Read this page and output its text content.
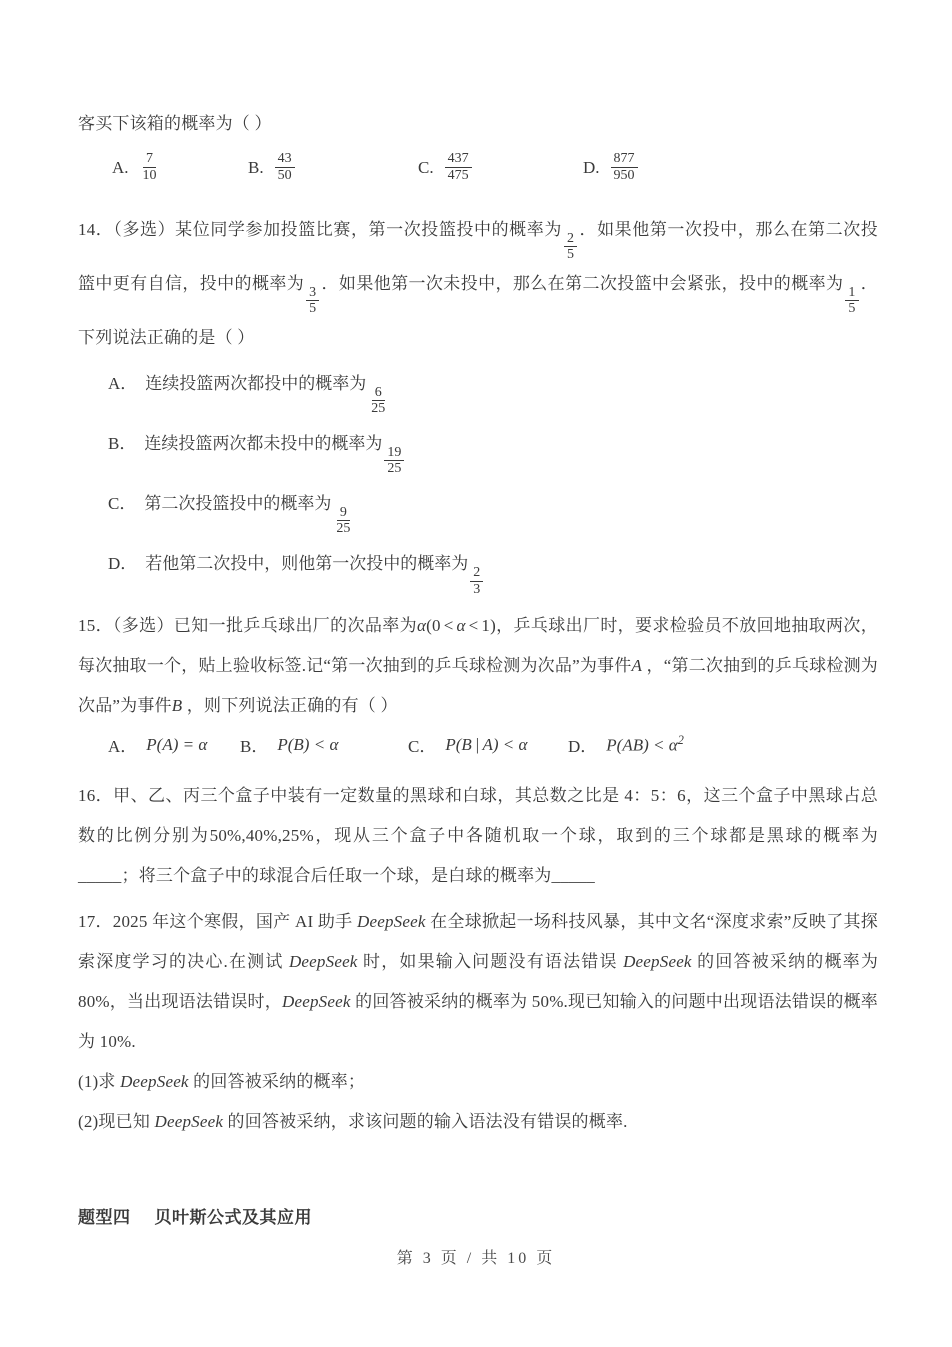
客买下该箱的概率为（ ）
A. $\frac{7}{10}$	B. $\frac{43}{50}$	C. $\frac{437}{475}$	D. $\frac{877}{950}$
14．（多选）某位同学参加投篮比赛，第一次投篮投中的概率为
$\frac{2}{5}$
．如果他第一次投中，那么在第二次投篮中更有自信，投中的概率为
$\frac{3}{5}$
．如果他第一次未投中，那么在第二次投篮中会紧张，投中的概率为
$\frac{1}{5}$
．下列说法正确的是（ ）
A． 连续投篮两次都投中的概率为
$\frac{6}{25}$
B． 连续投篮两次都未投中的概率为
$\frac{19}{25}$
C． 第二次投篮投中的概率为
$\frac{9}{25}$
D． 若他第二次投中，则他第一次投中的概率为
$\frac{2}{3}$
15．（多选）已知一批乒乓球出厂的次品率为α(0 < α < 1)，乒乓球出厂时，要求检验员不放回地抽取两次，每次抽取一个，贴上验收标签.记“第一次抽到的乒乓球检测为次品”为事件A ，“第二次抽到的乒乓球检测为次品”为事件B ，则下列说法正确的有（ ）
A． P(A) = α B． P(B) < α	C． P(B | A) < α D． $P(AB) < \alpha^2$
16．甲、乙、丙三个盒子中装有一定数量的黑球和白球，其总数之比是 4：5：6，这三个盒子中黑球占总数的比例分别为50%,40%,25%，现从三个盒子中各随机取一个球，取到的三个球都是黑球的概率为_____；将三个盒子中的球混合后任取一个球，是白球的概率为_____
17．2025 年这个寒假，国产 AI 助手 DeepSeek 在全球掀起一场科技风暴，其中文名“深度求索”反映了其探索深度学习的决心.在测试 DeepSeek 时，如果输入问题没有语法错误 DeepSeek 的回答被采纳的概率为 80%，当出现语法错误时，DeepSeek 的回答被采纳的概率为 50%.现已知输入的问题中出现语法错误的概率为 10%.
(1)求 DeepSeek 的回答被采纳的概率；
(2)现已知 DeepSeek 的回答被采纳，求该问题的输入语法没有错误的概率.
题型四 贝叶斯公式及其应用
第 3 页 / 共 10 页
